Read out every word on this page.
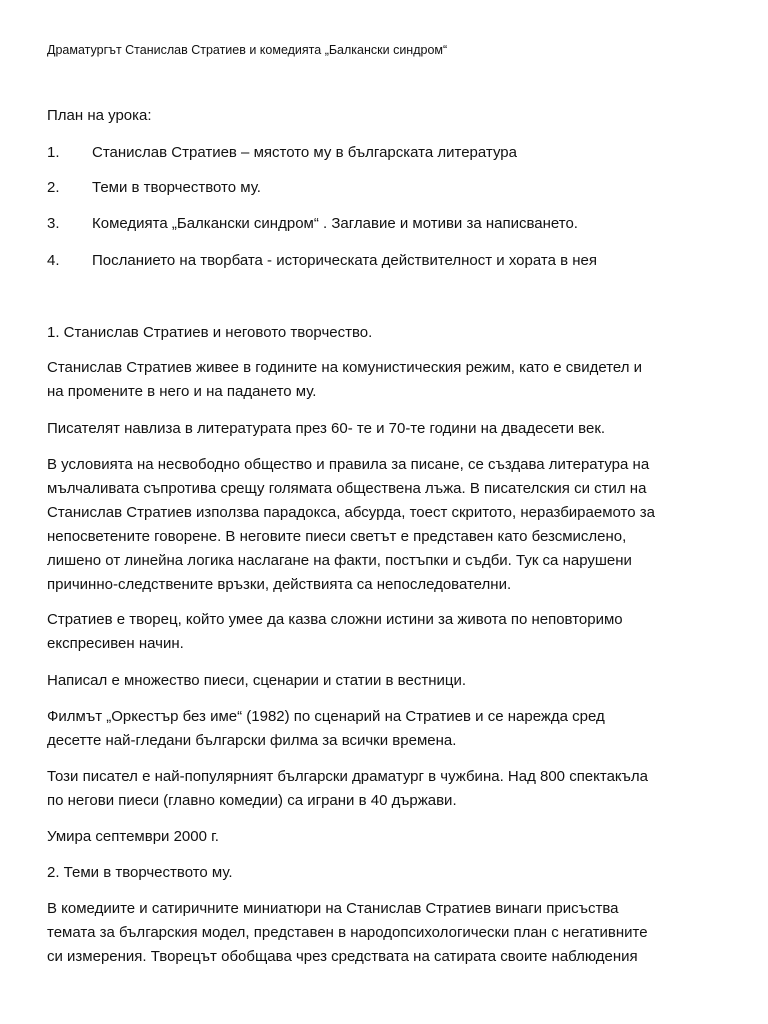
Драматургът Станислав Стратиев и комедията „Балкански синдром“
План на урока:
1. Станислав Стратиев – мястото му в българската литература
2. Теми в творчеството му.
3. Комедията „Балкански синдром“ . Заглавие и мотиви за написването.
4. Посланието на творбата - историческата действителност и хората в нея
1. Станислав Стратиев и неговото творчество.
Станислав Стратиев живее в годините на комунистическия режим, като е свидетел и
на промените в него и на падането му.
Писателят навлиза в литературата през 60- те и 70-те години на двадесети век.
В условията на несвободно общество и правила за писане, се създава литература на
мълчаливата съпротива срещу голямата обществена лъжа. В писателския си стил на
Станислав Стратиев използва парадокса, абсурда, тоест скритото, неразбираемото за
непосветените говорене. В неговите пиеси светът е представен като безсмислено,
лишено от линейна логика наслагане на факти, постъпки и съдби. Тук са нарушени
причинно-следствените връзки, действията са непоследователни.
Стратиев е творец, който умее да казва сложни истини за живота по неповторимо
експресивен начин.
Написал е множество пиеси, сценарии и статии в вестници.
Филмът „Оркестър без име“ (1982) по сценарий на Стратиев и се нарежда сред
десетте най-гледани български филма за всички времена.
Този писател е най-популярният български драматург в чужбина. Над 800 спектакъла
по негови пиеси (главно комедии) са играни в 40 държави.
Умира септември 2000 г.
2. Теми в творчеството му.
В комедиите и сатиричните миниатюри на Станислав Стратиев винаги присъства
темата за българския модел, представен в народопсихологически план с негативните
си измерения. Творецът обобщава чрез средствата на сатирата своите наблюдения
